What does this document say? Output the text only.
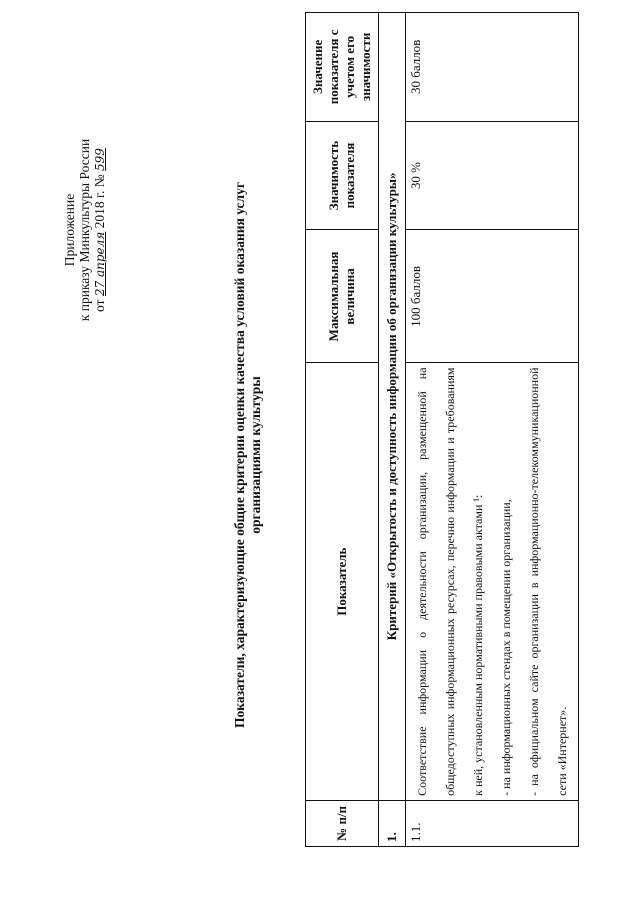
Приложение к приказу Минкультуры России от 27 апреля 2018 г. № 599
Показатели, характеризующие общие критерии оценки качества условий оказания услуг организациями культуры
№ п/п	Показатель	Максимальная величина	Значимость показателя	Значение показателя с учетом его значимости
1.	Критерий «Открытость и доступность информации об организации культуры»			
1.1.	Соответствие информации о деятельности организации, размещенной на общедоступных информационных ресурсах, перечню информации и требованиям к ней, установленным нормативными правовыми актами ¹: - на информационных стендах в помещении организации, - на официальном сайте организации в информационно-телекоммуникационной сети «Интернет».	100 баллов	30 %	30 баллов
